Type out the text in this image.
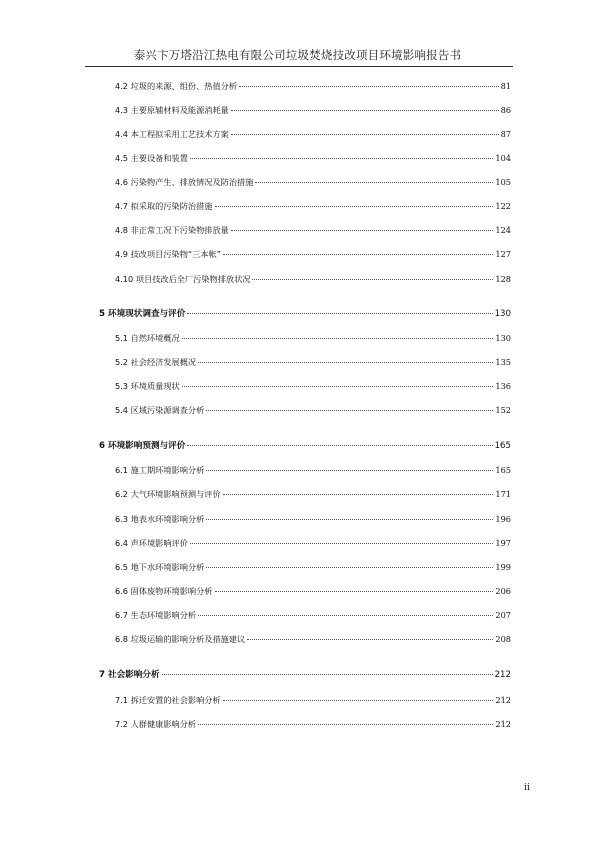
泰兴卞万塔沿江热电有限公司垃圾焚烧技改项目环境影响报告书
4.2 垃圾的来源、组份、热值分析	81
4.3 主要原辅材料及能源消耗量	86
4.4 本工程拟采用工艺技术方案	87
4.5 主要设备和装置	104
4.6 污染物产生、排放情况及防治措施	105
4.7 拟采取的污染防治措施	122
4.8 非正常工况下污染物排放量	124
4.9 技改项目污染物“三本帐”	127
4.10 项目技改后全厂污染物排放状况	128
5 环境现状调查与评价	130
5.1 自然环境概况	130
5.2 社会经济发展概况	135
5.3 环境质量现状	136
5.4 区域污染源调查分析	152
6 环境影响预测与评价	165
6.1 施工期环境影响分析	165
6.2 大气环境影响预测与评价	171
6.3 地表水环境影响分析	196
6.4 声环境影响评价	197
6.5 地下水环境影响分析	199
6.6 固体废物环境影响分析	206
6.7 生态环境影响分析	207
6.8 垃圾运输的影响分析及措施建议	208
7 社会影响分析	212
7.1 拆迁安置的社会影响分析	212
7.2 人群健康影响分析	212
ii
